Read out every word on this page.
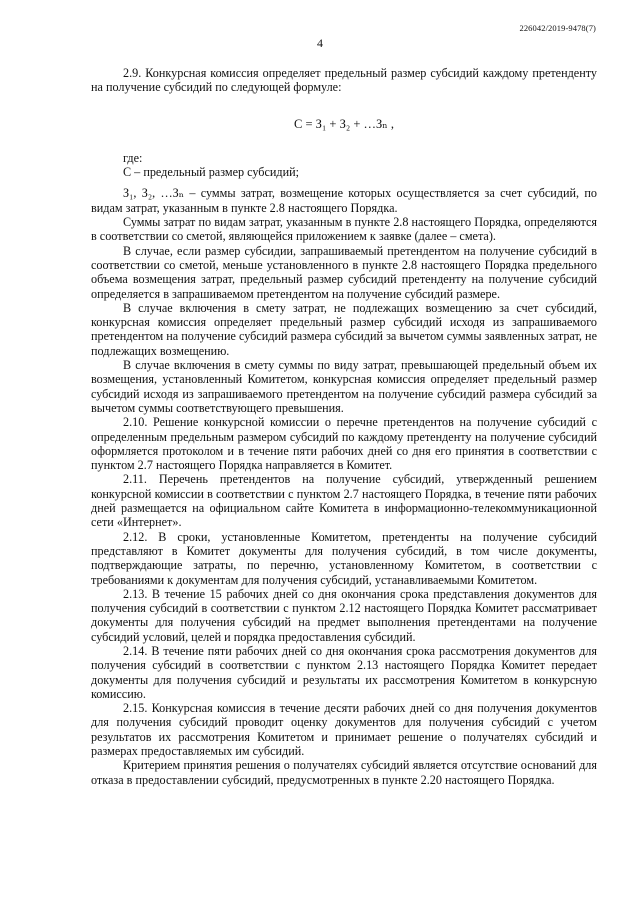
226042/2019-9478(7)
4

2.9. Конкурсная комиссия определяет предельный размер субсидий каждому претенденту на получение субсидий по следующей формуле:

С = З₁ + З₂ + …Зₙ ,

где:

С – предельный размер субсидий;

З₁, З₂, …Зₙ – суммы затрат, возмещение которых осуществляется за счет субсидий, по видам затрат, указанным в пункте 2.8 настоящего Порядка.

Суммы затрат по видам затрат, указанным в пункте 2.8 настоящего Порядка, определяются в соответствии со сметой, являющейся приложением к заявке (далее – смета).

В случае, если размер субсидии, запрашиваемый претендентом на получение субсидий в соответствии со сметой, меньше установленного в пункте 2.8 настоящего Порядка предельного объема возмещения затрат, предельный размер субсидий претенденту на получение субсидий определяется в запрашиваемом претендентом на получение субсидий размере.

В случае включения в смету затрат, не подлежащих возмещению за счет субсидий, конкурсная комиссия определяет предельный размер субсидий исходя из запрашиваемого претендентом на получение субсидий размера субсидий за вычетом суммы заявленных затрат, не подлежащих возмещению.

В случае включения в смету суммы по виду затрат, превышающей предельный объем их возмещения, установленный Комитетом, конкурсная комиссия определяет предельный размер субсидий исходя из запрашиваемого претендентом на получение субсидий размера субсидий за вычетом суммы соответствующего превышения.

2.10. Решение конкурсной комиссии о перечне претендентов на получение субсидий с определенным предельным размером субсидий по каждому претенденту на получение субсидий оформляется протоколом и в течение пяти рабочих дней со дня его принятия в соответствии с пунктом 2.7 настоящего Порядка направляется в Комитет.

2.11. Перечень претендентов на получение субсидий, утвержденный решением конкурсной комиссии в соответствии с пунктом 2.7 настоящего Порядка, в течение пяти рабочих дней размещается на официальном сайте Комитета в информационно-телекоммуникационной сети «Интернет».

2.12. В сроки, установленные Комитетом, претенденты на получение субсидий представляют в Комитет документы для получения субсидий, в том числе документы, подтверждающие затраты, по перечню, установленному Комитетом, в соответствии с требованиями к документам для получения субсидий, устанавливаемыми Комитетом.

2.13. В течение 15 рабочих дней со дня окончания срока представления документов для получения субсидий в соответствии с пунктом 2.12 настоящего Порядка Комитет рассматривает документы для получения субсидий на предмет выполнения претендентами на получение субсидий условий, целей и порядка предоставления субсидий.

2.14. В течение пяти рабочих дней со дня окончания срока рассмотрения документов для получения субсидий в соответствии с пунктом 2.13 настоящего Порядка Комитет передает документы для получения субсидий и результаты их рассмотрения Комитетом в конкурсную комиссию.

2.15. Конкурсная комиссия в течение десяти рабочих дней со дня получения документов для получения субсидий проводит оценку документов для получения субсидий с учетом результатов их рассмотрения Комитетом и принимает решение о получателях субсидий и размерах предоставляемых им субсидий.

Критерием принятия решения о получателях субсидий является отсутствие оснований для отказа в предоставлении субсидий, предусмотренных в пункте 2.20 настоящего Порядка.
